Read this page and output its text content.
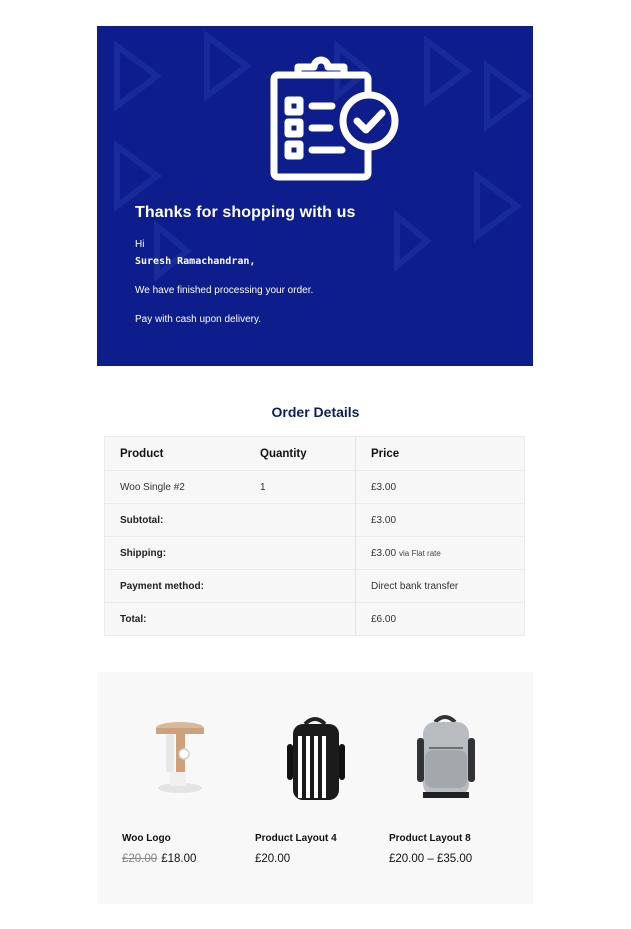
Thanks for shopping with us
Hi
Suresh Ramachandran,
We have finished processing your order.
Pay with cash upon delivery.
Order Details
Product	Quantity	Price
Woo Single #2	1	£3.00
Subtotal:		£3.00
Shipping:		£3.00 via Flat rate
Payment method:		Direct bank transfer
Total:		£6.00
Woo Logo
£20.00 £18.00
Product Layout 4
£20.00
Product Layout 8
£20.00 – £35.00
